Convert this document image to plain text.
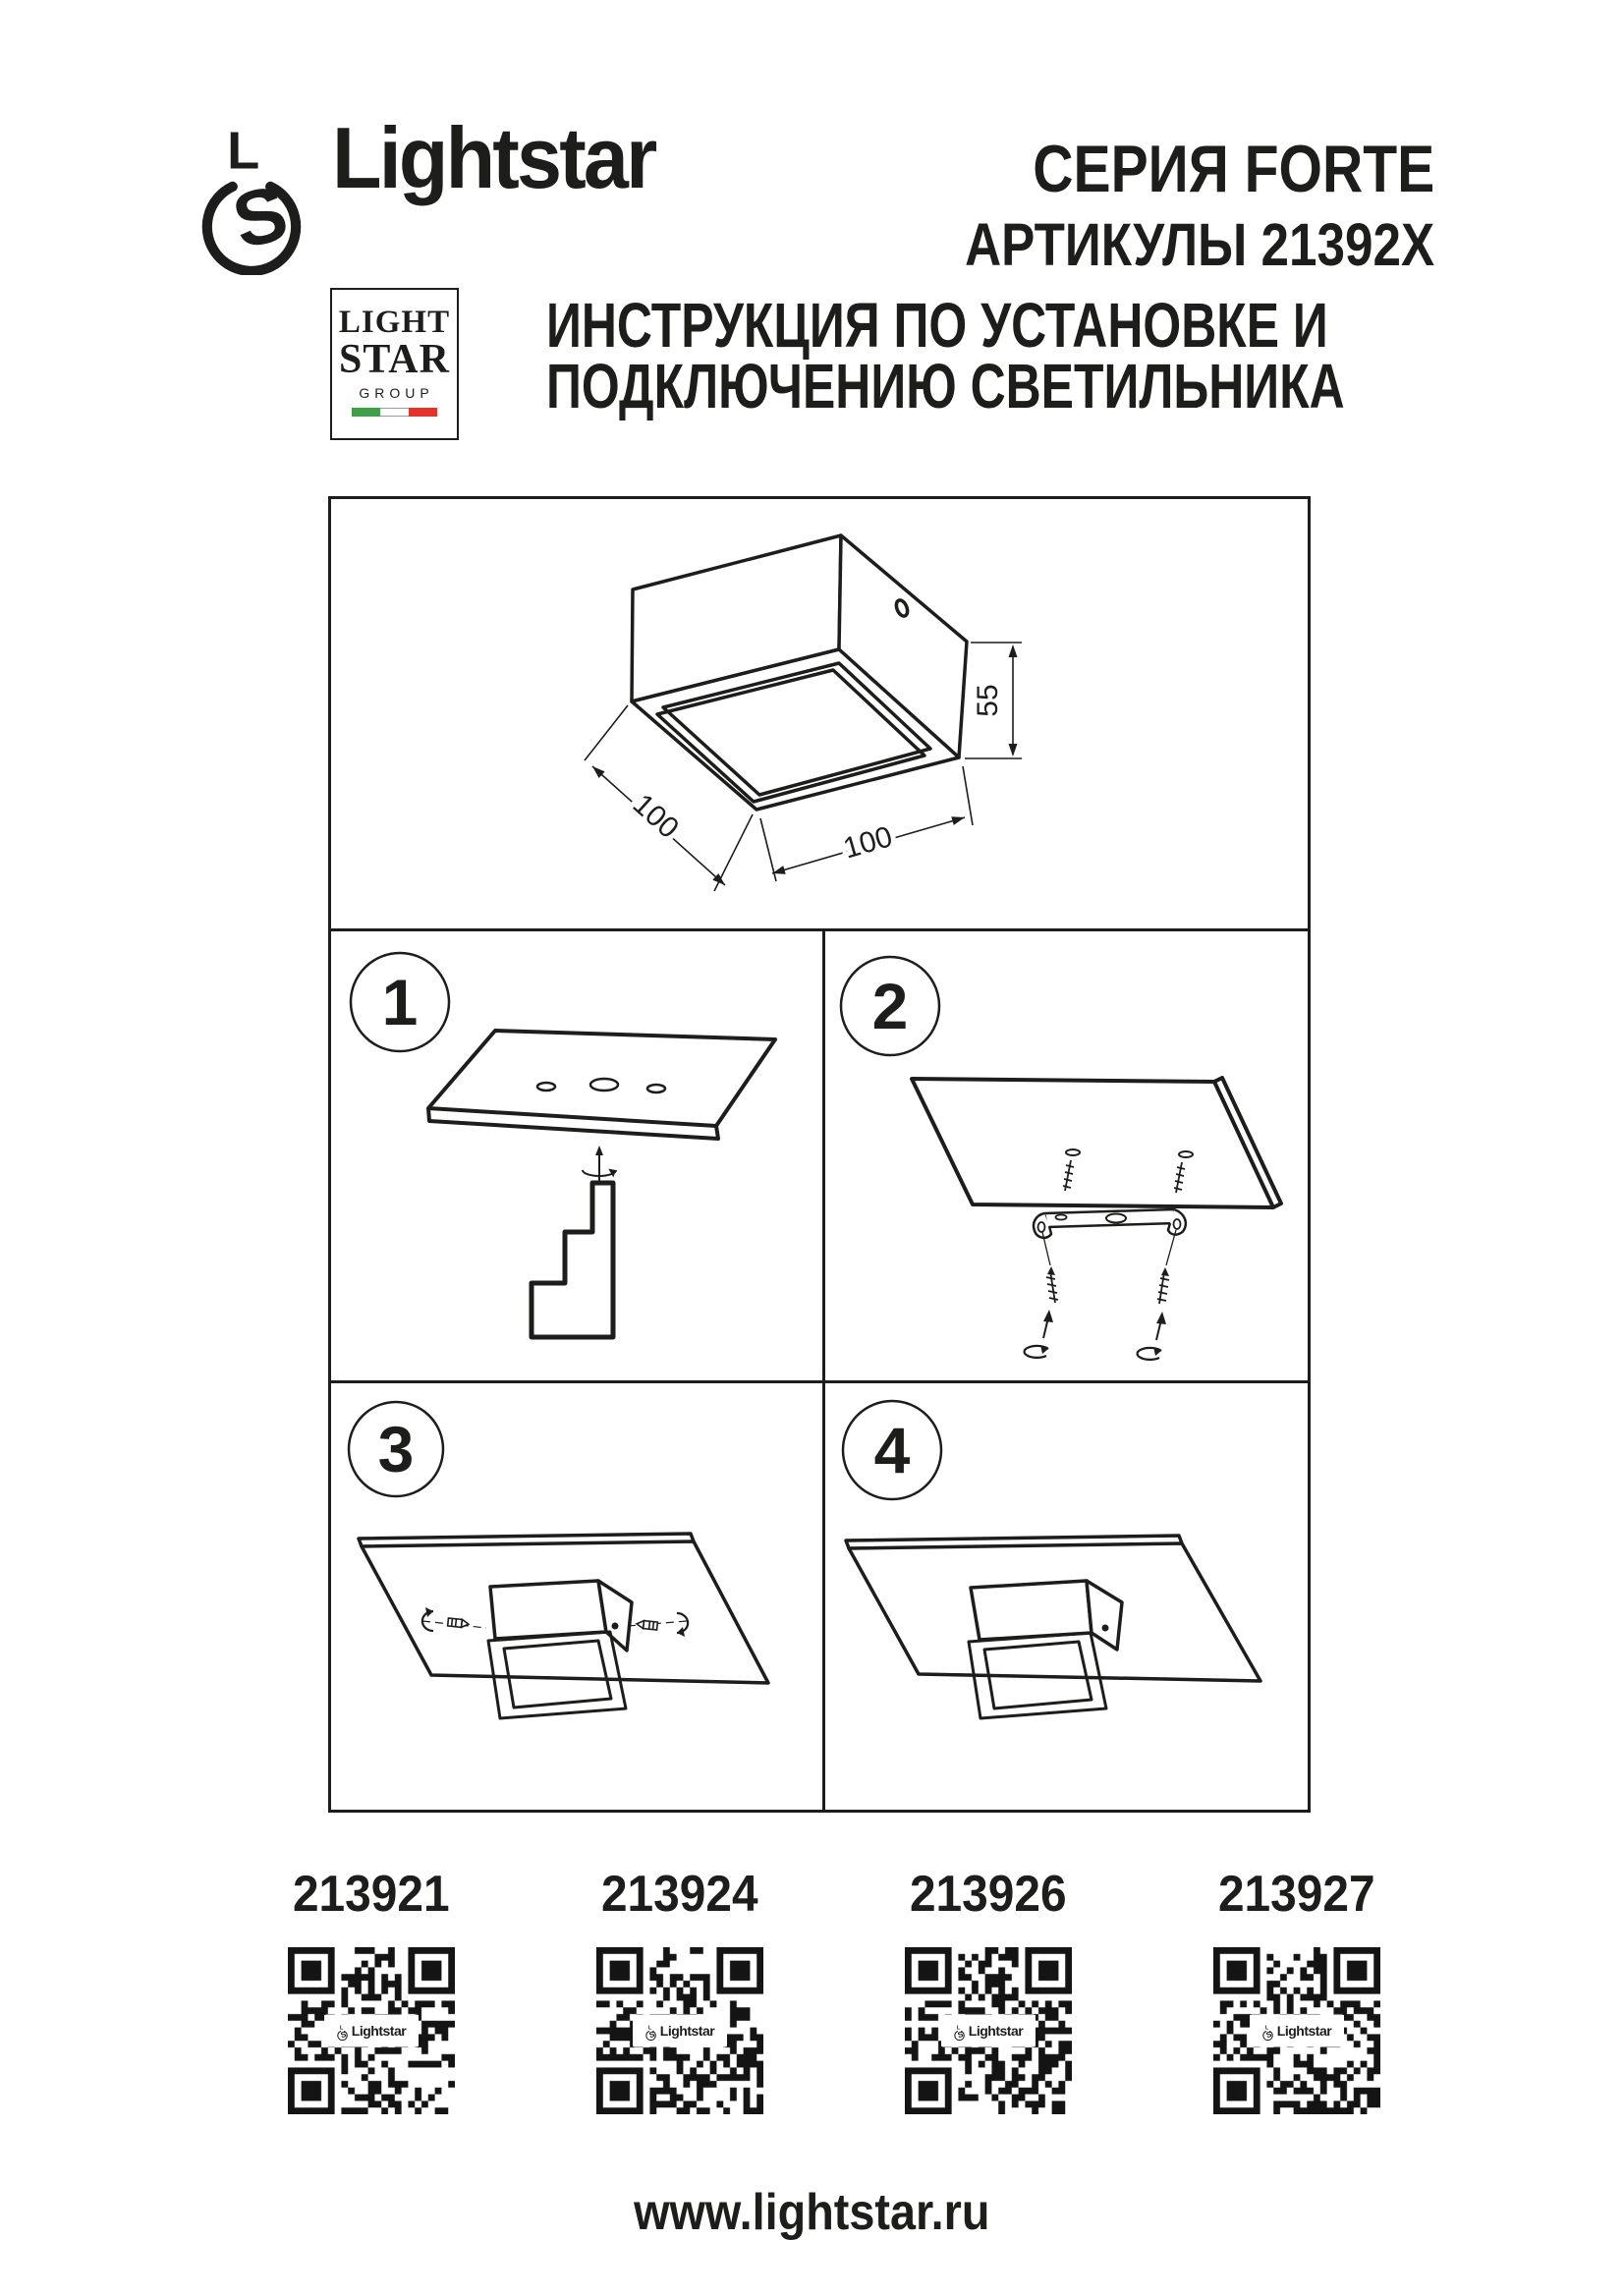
Lightstar	СЕРИЯ FORTE
АРТИКУЛЫ 21392X
LIGHT
STAR
GROUP
ИНСТРУКЦИЯ ПО УСТАНОВКЕ И
ПОДКЛЮЧЕНИЮ СВЕТИЛЬНИКА
55
100	100
1	2
3	4
213921
Lightstar
213924
Lightstar
213926
Lightstar
213927
Lightstar
www.lightstar.ru
